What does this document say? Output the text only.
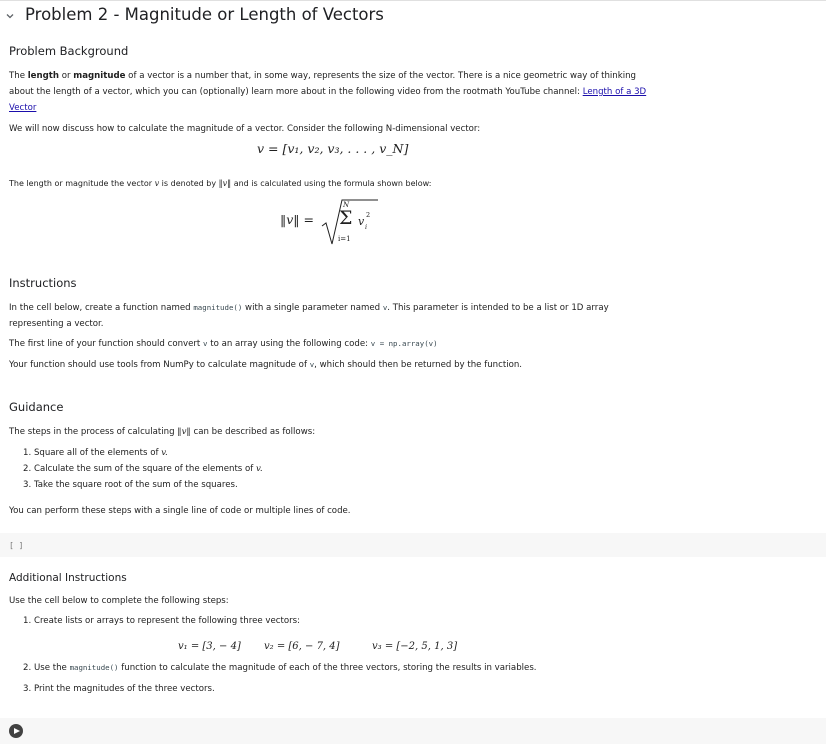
Problem 2 - Magnitude or Length of Vectors
Problem Background
The length or magnitude of a vector is a number that, in some way, represents the size of the vector. There is a nice geometric way of thinking about the length of a vector, which you can (optionally) learn more about in the following video from the rootmath YouTube channel: Length of a 3D Vector
We will now discuss how to calculate the magnitude of a vector. Consider the following N-dimensional vector:
v = [v₁, v₂, v₃, . . . , v_N]
The length or magnitude the vector v is denoted by ‖v‖ and is calculated using the formula shown below:
‖v‖ =
N
Σ
i=1
v 2
i
Instructions
In the cell below, create a function named magnitude() with a single parameter named v. This parameter is intended to be a list or 1D array representing a vector.
The first line of your function should convert v to an array using the following code: v = np.array(v)
Your function should use tools from NumPy to calculate magnitude of v, which should then be returned by the function.
Guidance
The steps in the process of calculating ‖v‖ can be described as follows:
1. Square all of the elements of v.
2. Calculate the sum of the square of the elements of v.
3. Take the square root of the sum of the squares.
You can perform these steps with a single line of code or multiple lines of code.
[ ]
Additional Instructions
Use the cell below to complete the following steps:
1. Create lists or arrays to represent the following three vectors:
v₁ = [3, − 4] v₂ = [6, − 7, 4]	v₃ = [−2, 5, 1, 3]
2. Use the magnitude() function to calculate the magnitude of each of the three vectors, storing the results in variables.
3. Print the magnitudes of the three vectors.
